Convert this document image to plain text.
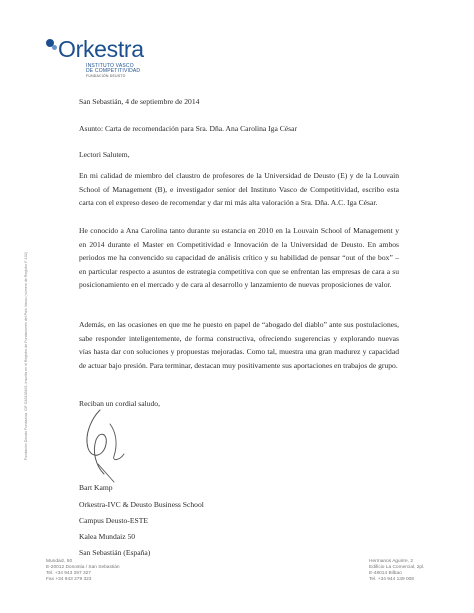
Orkestra
INSTITUTO VASCO
DE COMPETITIVIDAD
FUNDACIÓN DEUSTO
Fundación Deusto Fundazioa, CIF G48138463, Inscrita en el Registro de Fundaciones del País Vasco (número de Registro F-102)
San Sebastián, 4 de septiembre de 2014
Asunto: Carta de recomendación para Sra. Dña. Ana Carolina Iga César
Lectori Salutem,
En mi calidad de miembro del claustro de profesores de la Universidad de Deusto (E) y de la Louvain School of Management (B), e investigador senior del Instituto Vasco de Competitividad, escribo esta carta con el expreso deseo de recomendar y dar mi más alta valoración a Sra. Dña. A.C. Iga César.
He conocido a Ana Carolina tanto durante su estancia en 2010 en la Louvain School of Management y en 2014 durante el Master en Competitividad e Innovación de la Universidad de Deusto. En ambos periodos me ha convencido su capacidad de análisis crítico y su habilidad de pensar “out of the box” – en particular respecto a asuntos de estrategia competitiva con que se enfrentan las empresas de cara a su posicionamiento en el mercado y de cara al desarrollo y lanzamiento de nuevas proposiciones de valor.
Además, en las ocasiones en que me he puesto en papel de “abogado del diablo” ante sus postulaciones, sabe responder inteligentemente, de forma constructiva, ofreciendo sugerencias y explorando nuevas vías hasta dar con soluciones y propuestas mejoradas. Como tal, muestra una gran madurez y capacidad de actuar bajo presión. Para terminar, destacan muy positivamente sus aportaciones en trabajos de grupo.
Reciban un cordial saludo,
Bart Kamp
Orkestra-IVC & Deusto Business School
Campus Deusto-ESTE
Kalea Mundaiz 50
San Sebastián (España)
Mundaiz, 50
E-20012 Donostia / San Sebastián
Tel. +34 943 297 327
Fax +34 943 279 323
Hermanos Aguirre, 2
Edificio La Comercial, 2pl.
E-48014 Bilbao
Tel. +34 944 139 008
